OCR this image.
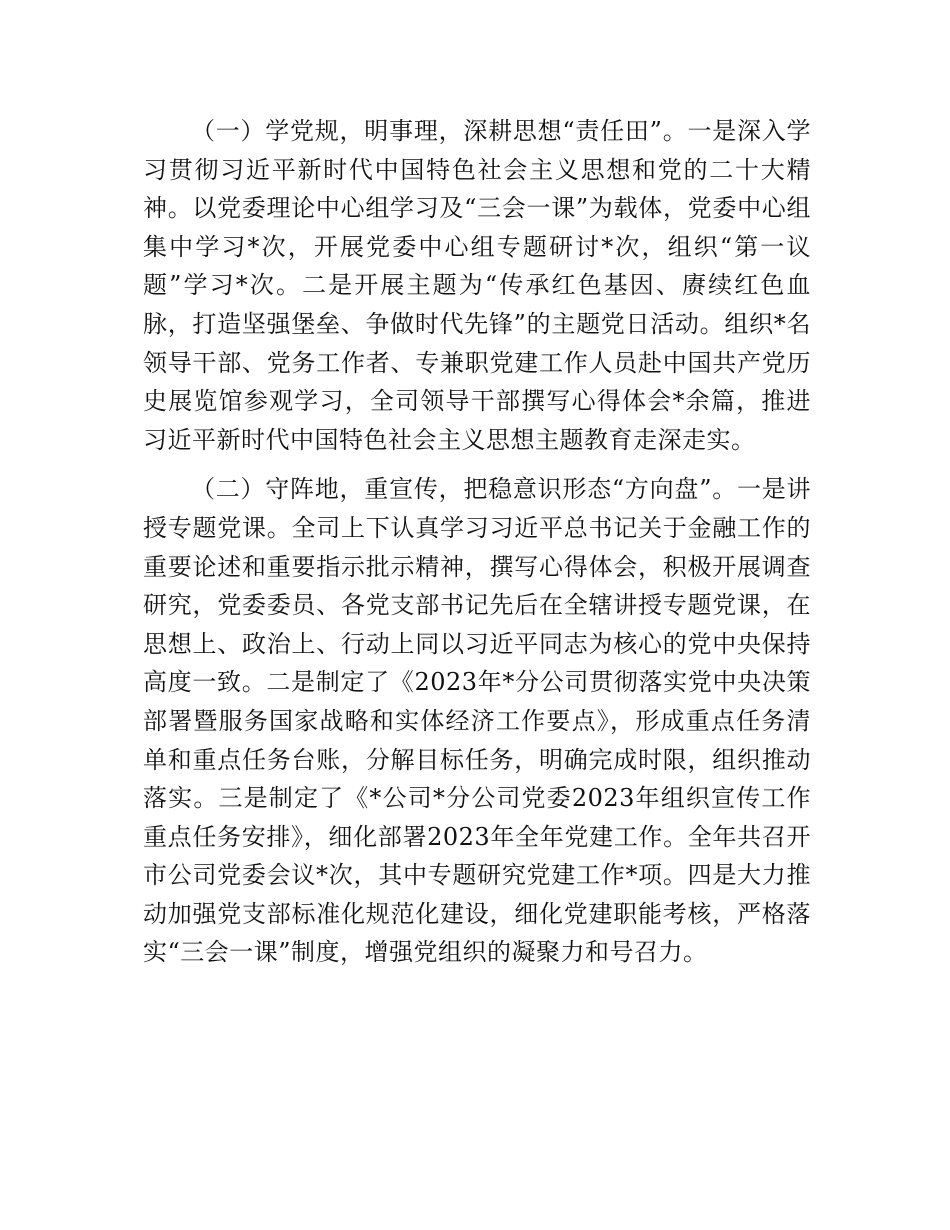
（一）学党规，明事理，深耕思想“责任田”。一是深入学习贯彻习近平新时代中国特色社会主义思想和党的二十大精神。以党委理论中心组学习及“三会一课”为载体，党委中心组集中学习*次，开展党委中心组专题研讨*次，组织“第一议题”学习*次。二是开展主题为“传承红色基因、赓续红色血脉，打造坚强堡垒、争做时代先锋”的主题党日活动。组织*名领导干部、党务工作者、专兼职党建工作人员赴中国共产党历史展览馆参观学习，全司领导干部撰写心得体会*余篇，推进习近平新时代中国特色社会主义思想主题教育走深走实。

（二）守阵地，重宣传，把稳意识形态“方向盘”。一是讲授专题党课。全司上下认真学习习近平总书记关于金融工作的重要论述和重要指示批示精神，撰写心得体会，积极开展调查研究，党委委员、各党支部书记先后在全辖讲授专题党课，在思想上、政治上、行动上同以习近平同志为核心的党中央保持高度一致。二是制定了《2023年*分公司贯彻落实党中央决策部署暨服务国家战略和实体经济工作要点》，形成重点任务清单和重点任务台账，分解目标任务，明确完成时限，组织推动落实。三是制定了《*公司*分公司党委2023年组织宣传工作重点任务安排》，细化部署2023年全年党建工作。全年共召开市公司党委会议*次，其中专题研究党建工作*项。四是大力推动加强党支部标准化规范化建设，细化党建职能考核，严格落实“三会一课”制度，增强党组织的凝聚力和号召力。
